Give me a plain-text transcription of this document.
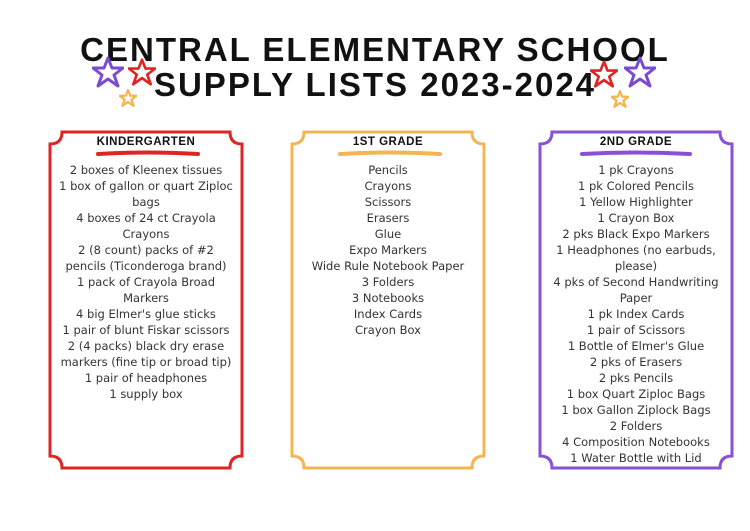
CENTRAL ELEMENTARY SCHOOL
SUPPLY LISTS 2023-2024
KINDERGARTEN
2 boxes of Kleenex tissues
1 box of gallon or quart Ziploc bags
4 boxes of 24 ct Crayola Crayons
2 (8 count) packs of #2 pencils (Ticonderoga brand)
1 pack of Crayola Broad Markers
4 big Elmer's glue sticks
1 pair of blunt Fiskar scissors
2 (4 packs) black dry erase markers (fine tip or broad tip)
1 pair of headphones
1 supply box
1ST GRADE
Pencils
Crayons
Scissors
Erasers
Glue
Expo Markers
Wide Rule Notebook Paper
3 Folders
3 Notebooks
Index Cards
Crayon Box
2ND GRADE
1 pk Crayons
1 pk Colored Pencils
1 Yellow Highlighter
1 Crayon Box
2 pks Black Expo Markers
1 Headphones (no earbuds, please)
4 pks of Second Handwriting Paper
1 pk Index Cards
1 pair of Scissors
1 Bottle of Elmer's Glue
2 pks of Erasers
2 pks Pencils
1 box Quart Ziploc Bags
1 box Gallon Ziplock Bags
2 Folders
4 Composition Notebooks
1 Water Bottle with Lid
